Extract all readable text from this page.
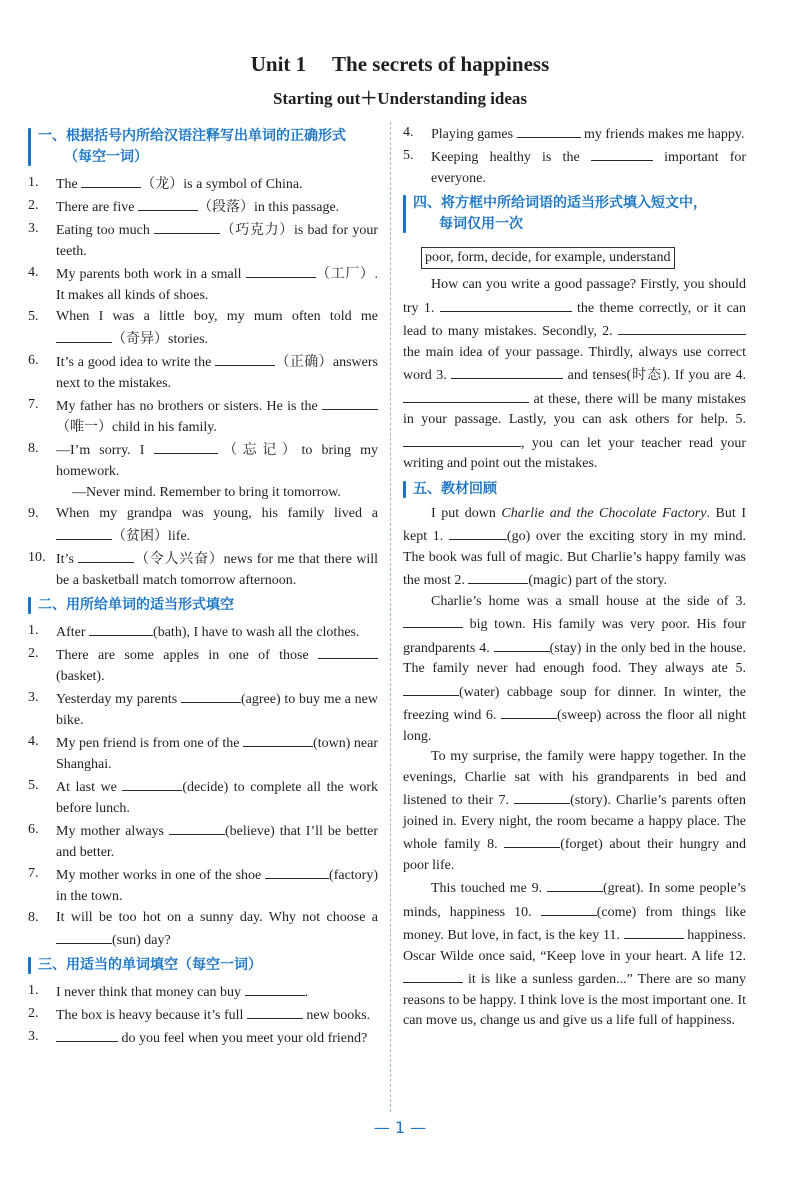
Unit 1　 The secrets of happiness
Starting out＋Understanding ideas
一、根据括号内所给汉语注释写出单词的正确形式
（每空一词）
1.	The	（龙）is a symbol of China.
2.	There are five	（段落）in this passage.
3.	Eating too much	（巧克力）is bad for your teeth.
4.	My parents both work in a small	（工厂）. It makes all kinds of shoes.
5.	When I was a little boy, my mum often told me （奇异）stories.
6.	It’s a good idea to write the	（正确）answers next to the mistakes.
7.	My father has no brothers or sisters. He is the （唯一）child in his family.
8.	—I’m sorry. I	（忘记）to bring my homework.
—Never mind. Remember to bring it tomorrow.
9.	When my grandpa was young, his family lived a （贫困）life.
10. It’s	（令人兴奋）news for me that there will be a basketball match tomorrow afternoon.
二、用所给单词的适当形式填空
1.	After	(bath), I have to wash all the clothes.
2.	There are some apples in one of those (basket).
3.	Yesterday my parents	(agree) to buy me a new bike.
4.	My pen friend is from one of the	(town) near Shanghai.
5.	At last we	(decide) to complete all the work before lunch.
6.	My mother always	(believe) that I’ll be better and better.
7.	My mother works in one of the shoe	(factory) in the town.
8.	It will be too hot on a sunny day. Why not choose a (sun) day?
三、用适当的单词填空（每空一词）
1.	I never think that money can buy	.
2.	The box is heavy because it’s full	new books.
3.	do you feel when you meet your old friend?
4.	Playing games	my friends makes me happy.
5.	Keeping healthy is the	important for everyone.
四、将方框中所给词语的适当形式填入短文中，
每词仅用一次
poor, form, decide, for example, understand

How can you write a good passage? Firstly, you should try 1.	the theme correctly, or it can lead to many mistakes. Secondly, 2.  the main idea of your passage. Thirdly, always use correct word 3.	and tenses(时态). If you are 4.  at these, there will be many mistakes in your passage. Lastly, you can ask others for help. 5. , you can let your teacher read your writing and point out the mistakes.

五、教材回顾

I put down Charlie and the Chocolate Factory. But I kept 1.	(go) over the exciting story in my mind. The book was full of magic. But Charlie’s happy family was the most 2.	(magic) part of the story.

Charlie’s home was a small house at the side of 3.  big town. His family was very poor. His four grandparents 4.	(stay) in the only bed in the house. The family never had enough food. They always ate 5. (water) cabbage soup for dinner. In winter, the freezing wind 6.	(sweep) across the floor all night long.

To my surprise, the family were happy together. In the evenings, Charlie sat with his grandparents in bed and listened to their 7.	(story). Charlie’s parents often joined in. Every night, the room became a happy place. The whole family 8.	(forget) about their hungry and poor life.

This touched me 9.	(great). In some people’s minds, happiness 10.	(come) from things like money. But love, in fact, is the key 11.	happiness. Oscar Wilde once said, “Keep love in your heart. A life 12.  it is like a sunless garden...” There are so many reasons to be happy. I think love is the most important one. It can move us, change us and give us a life full of happiness.

— 1 —
